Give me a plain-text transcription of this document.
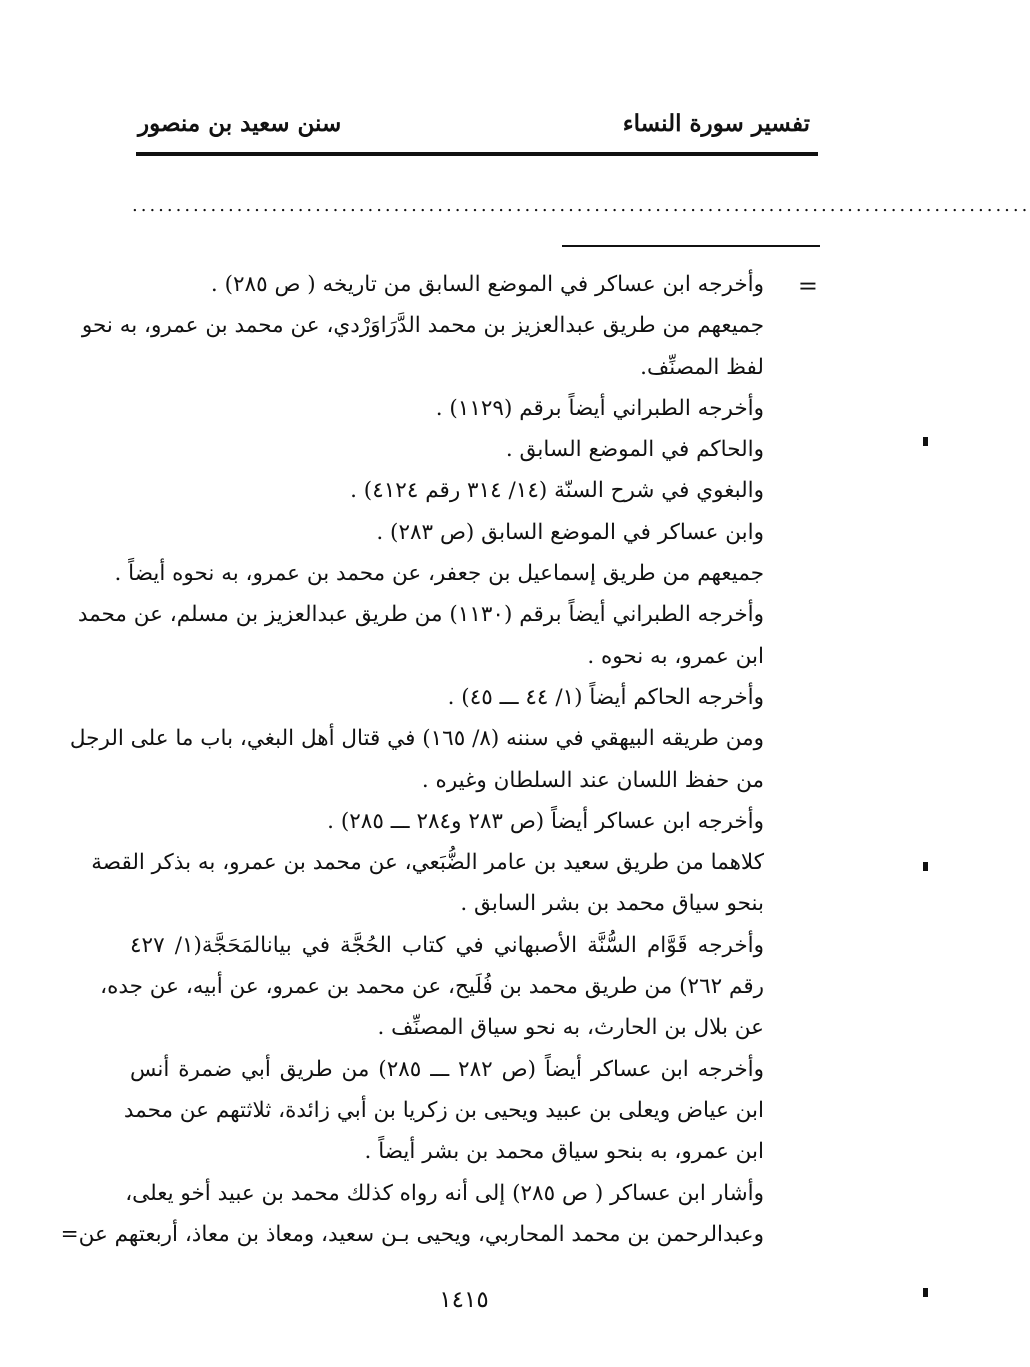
تفسير سورة النساء
سنن سعيد بن منصور
.......................................................................................................
=
وأخرجه ابن عساكر في الموضع السابق من تاريخه ( ص ٢٨٥) .
جميعهم من طريق عبدالعزيز بن محمد الدَّرَاوَرْدي، عن محمد بن عمرو، به نحو
لفظ المصنِّف.
وأخرجه الطبراني أيضاً برقم (١١٢٩) .
والحاكم في الموضع السابق .
والبغوي في شرح السنّة (١٤/ ٣١٤ رقم ٤١٢٤) .
وابن عساكر في الموضع السابق (ص ٢٨٣) .
جميعهم من طريق إسماعيل بن جعفر، عن محمد بن عمرو، به نحوه أيضاً .
وأخرجه الطبراني أيضاً برقم (١١٣٠) من طريق عبدالعزيز بن مسلم، عن محمد
ابن عمرو، به نحوه .
وأخرجه الحاكم أيضاً (١/ ٤٤ ـــ ٤٥) .
ومن طريقه البيهقي في سننه (٨/ ١٦٥) في قتال أهل البغي، باب ما على الرجل
من حفظ اللسان عند السلطان وغيره .
وأخرجه ابن عساكر أيضاً (ص ٢٨٣ و٢٨٤ ـــ ٢٨٥) .
كلاهما من طريق سعيد بن عامر الضُّبَعي، عن محمد بن عمرو، به بذكر القصة
بنحو سياق محمد بن بشر السابق .
وأخرجه قَوَّام السُّنَّة الأصبهاني في كتاب الحُجَّة في بيانالمَحَجَّة(١/ ٤٢٧
رقم ٢٦٢) من طريق محمد بن فُلَيح، عن محمد بن عمرو، عن أبيه، عن جده،
عن بلال بن الحارث، به نحو سياق المصنِّف .
وأخرجه ابن عساكر أيضاً (ص ٢٨٢ ـــ ٢٨٥) من طريق أبي ضمرة أنس
ابن عياض ويعلى بن عبيد ويحيى بن زكريا بن أبي زائدة، ثلاثتهم عن محمد
ابن عمرو، به بنحو سياق محمد بن بشر أيضاً .
وأشار ابن عساكر ( ص ٢٨٥) إلى أنه رواه كذلك محمد بن عبيد أخو يعلى،
وعبدالرحمن بن محمد المحاربي، ويحيى بـن سعيد، ومعاذ بن معاذ، أربعتهم عن=
١٤١٥
